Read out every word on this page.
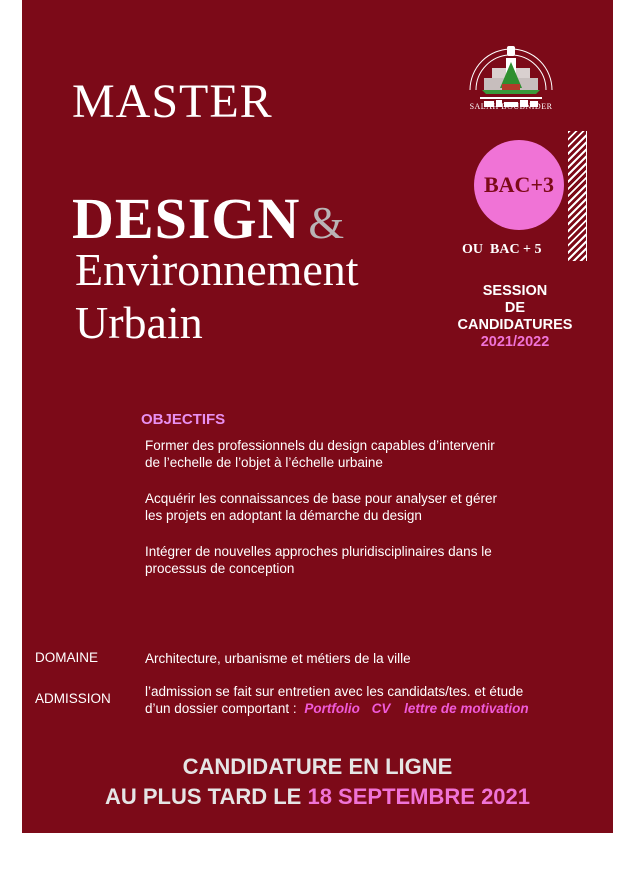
MASTER
DESIGN &
Environnement
Urbain
SALAH BOUBNIDER
BAC+3
OU  BAC + 5
SESSION
DE
CANDIDATURES
2021/2022
OBJECTIFS
Former des professionnels du design capables d’intervenir
de l’echelle de l’objet à l’échelle urbaine
Acquérir les connaissances de base pour analyser et gérer
les projets en adoptant la démarche du design
Intégrer de nouvelles approches pluridisciplinaires dans le
processus de conception
DOMAINE	Architecture, urbanisme et métiers de la ville
ADMISSION	l’admission se fait sur entretien avec les candidats/tes. et étude
d’un dossier comportant : Portfolio CV lettre de motivation
CANDIDATURE EN LIGNE
AU PLUS TARD LE 18 SEPTEMBRE 2021
